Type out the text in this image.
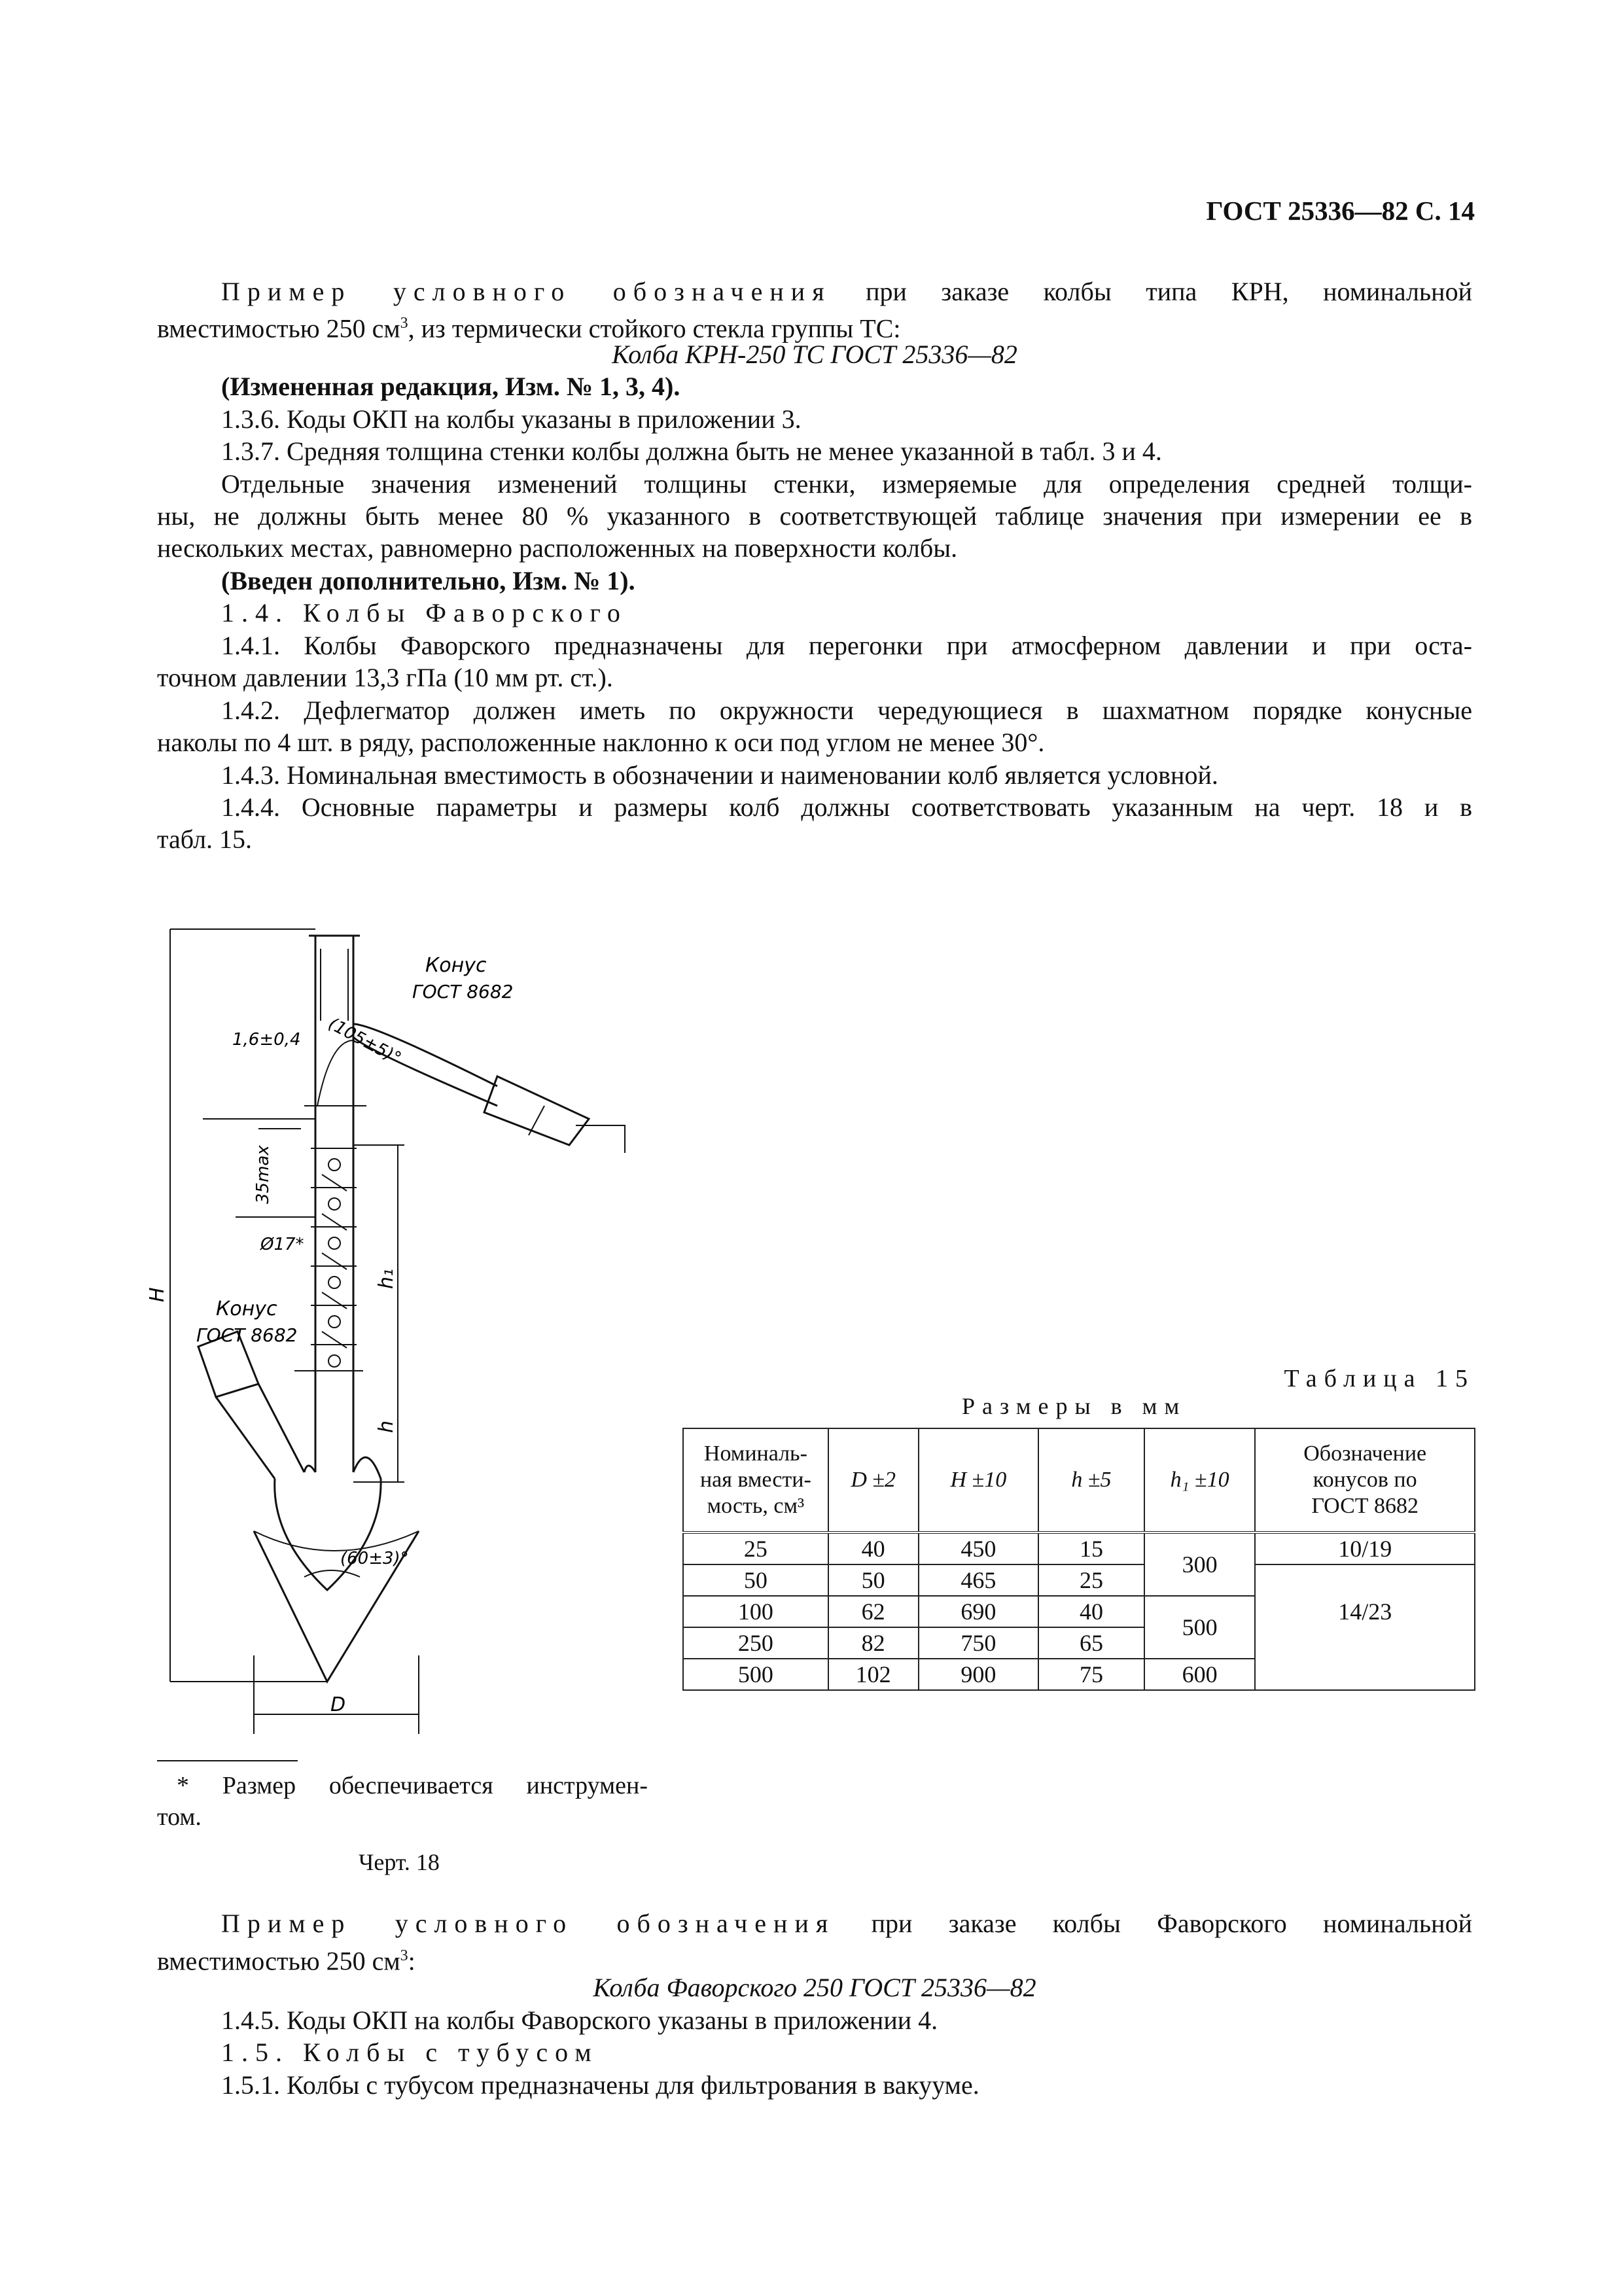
ГОСТ 25336—82 С. 14
Пример условного обозначения при заказе колбы типа КРН, номинальной
вместимостью 250 $см^3$, из термически стойкого стекла группы ТС:
Колба КРН-250 ТС ГОСТ 25336—82
(Измененная редакция, Изм. № 1, 3, 4).
1.3.6. Коды ОКП на колбы указаны в приложении 3.
1.3.7. Средняя толщина стенки колбы должна быть не менее указанной в табл. 3 и 4.
Отдельные значения изменений толщины стенки, измеряемые для определения средней толщи-
ны, не должны быть менее 80 % указанного в соответствующей таблице значения при измерении ее в
нескольких местах, равномерно расположенных на поверхности колбы.
(Введен дополнительно, Изм. № 1).
1.4. Колбы Фаворского
1.4.1. Колбы Фаворского предназначены для перегонки при атмосферном давлении и при оста-
точном давлении 13,3 гПа (10 мм рт. ст.).
1.4.2. Дефлегматор должен иметь по окружности чередующиеся в шахматном порядке конусные
наколы по 4 шт. в ряду, расположенные наклонно к оси под углом не менее 30°.
1.4.3. Номинальная вместимость в обозначении и наименовании колб является условной.
1.4.4. Основные параметры и размеры колб должны соответствовать указанным на черт. 18 и в
табл. 15.
Конус
ГОСТ 8682
1,6±0,4 (105±5)°
35max
Ø17*
H
h₁
h
Конус
ГОСТ 8682
(60±3)°
D
* Размер обеспечивается инструмен-
том.
Черт. 18
Таблица 15
Размеры в мм
Номиналь-
ная вмести-
мость, см³	D ±2	H ±10	h ±5	h₁ ±10	Обозначение
конусов по
ГОСТ 8682
25	40	450	15	300	10/19
50	50	465	25		14/23
100	62	690	40	500	
250	82	750	65		
500	102	900	75	600	
Пример условного обозначения при заказе колбы Фаворского номинальной
вместимостью 250 $см^3$:
Колба Фаворского 250 ГОСТ 25336—82
1.4.5. Коды ОКП на колбы Фаворского указаны в приложении 4.
1.5. Колбы с тубусом
1.5.1. Колбы с тубусом предназначены для фильтрования в вакууме.
